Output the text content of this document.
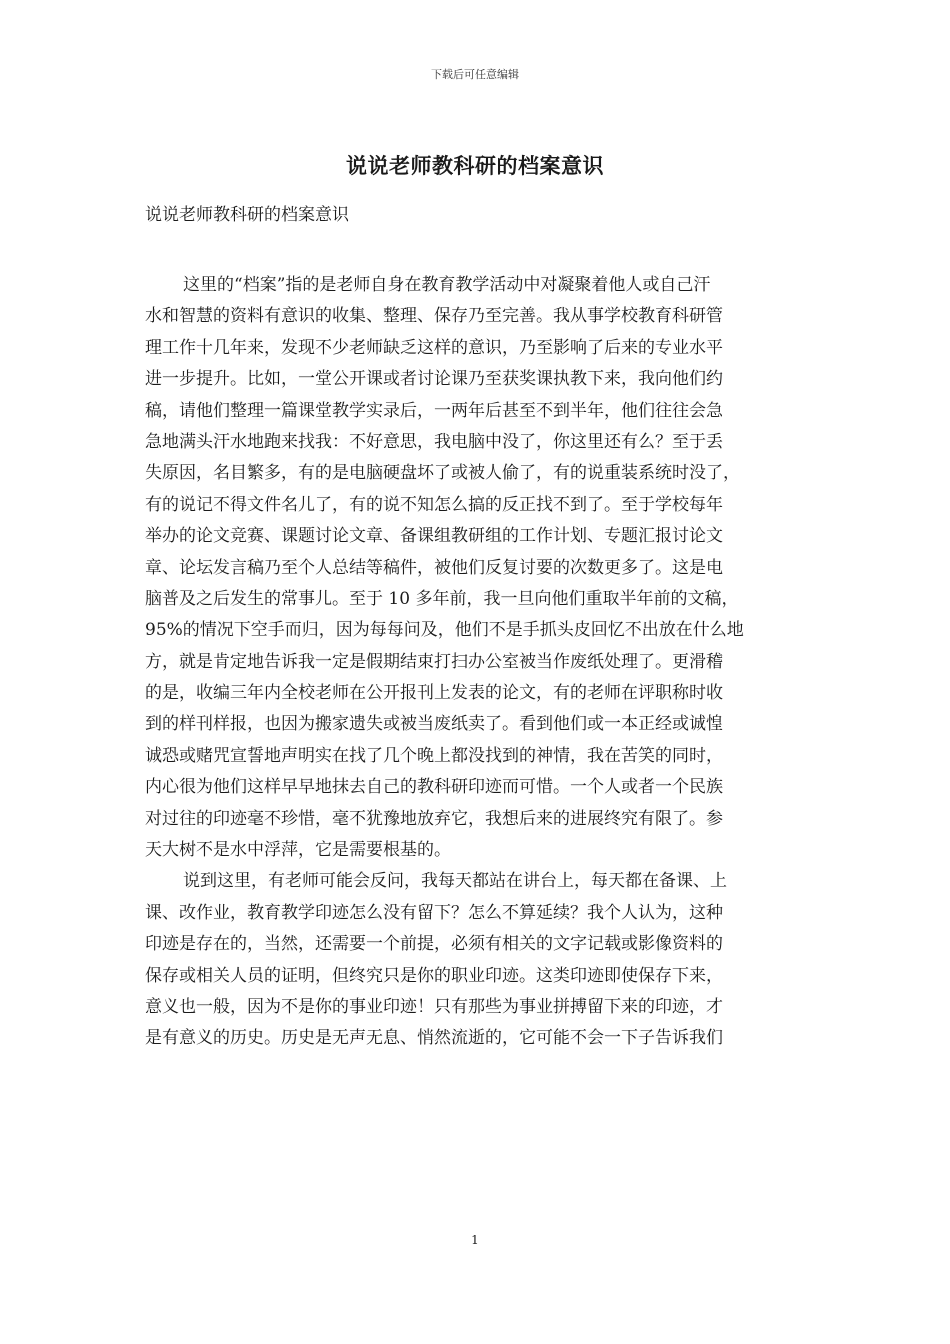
下载后可任意编辑
说说老师教科研的档案意识

说说老师教科研的档案意识

这里的“档案”指的是老师自身在教育教学活动中对凝聚着他人或自己汗
水和智慧的资料有意识的收集、整理、保存乃至完善。我从事学校教育科研管
理工作十几年来，发现不少老师缺乏这样的意识，乃至影响了后来的专业水平
进一步提升。比如，一堂公开课或者讨论课乃至获奖课执教下来，我向他们约
稿，请他们整理一篇课堂教学实录后，一两年后甚至不到半年，他们往往会急
急地满头汗水地跑来找我：不好意思，我电脑中没了，你这里还有么？至于丢
失原因，名目繁多，有的是电脑硬盘坏了或被人偷了，有的说重装系统时没了，
有的说记不得文件名儿了，有的说不知怎么搞的反正找不到了。至于学校每年
举办的论文竞赛、课题讨论文章、备课组教研组的工作计划、专题汇报讨论文
章、论坛发言稿乃至个人总结等稿件，被他们反复讨要的次数更多了。这是电
脑普及之后发生的常事儿。至于 10 多年前，我一旦向他们重取半年前的文稿，
95%的情况下空手而归，因为每每问及，他们不是手抓头皮回忆不出放在什么地
方，就是肯定地告诉我一定是假期结束打扫办公室被当作废纸处理了。更滑稽
的是，收编三年内全校老师在公开报刊上发表的论文，有的老师在评职称时收
到的样刊样报，也因为搬家遗失或被当废纸卖了。看到他们或一本正经或诚惶
诚恐或赌咒宣誓地声明实在找了几个晚上都没找到的神情，我在苦笑的同时，
内心很为他们这样早早地抹去自己的教科研印迹而可惜。一个人或者一个民族
对过往的印迹毫不珍惜，毫不犹豫地放弃它，我想后来的进展终究有限了。参
天大树不是水中浮萍，它是需要根基的。
说到这里，有老师可能会反问，我每天都站在讲台上，每天都在备课、上
课、改作业，教育教学印迹怎么没有留下？怎么不算延续？我个人认为，这种
印迹是存在的，当然，还需要一个前提，必须有相关的文字记载或影像资料的
保存或相关人员的证明，但终究只是你的职业印迹。这类印迹即使保存下来，
意义也一般，因为不是你的事业印迹！只有那些为事业拼搏留下来的印迹，才
是有意义的历史。历史是无声无息、悄然流逝的，它可能不会一下子告诉我们
1
